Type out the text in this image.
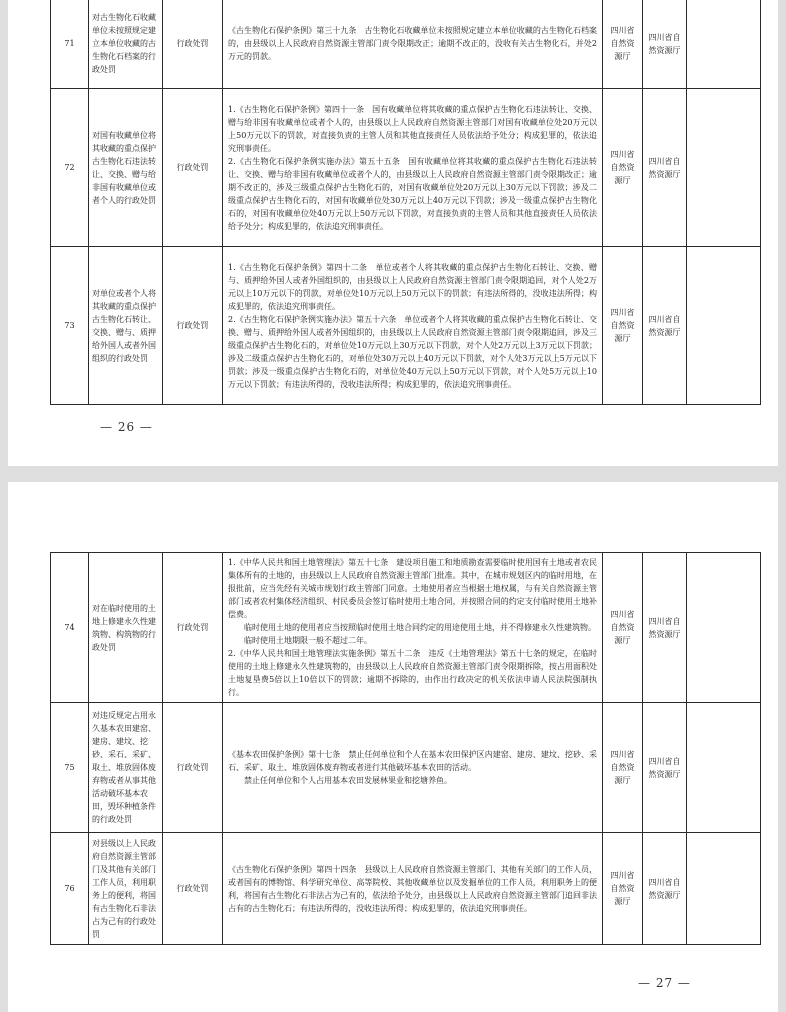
71	对古生物化石收藏单位未按照规定建立本单位收藏的古生物化石档案的行政处罚	行政处罚	《古生物化石保护条例》第三十九条　古生物化石收藏单位未按照规定建立本单位收藏的古生物化石档案的，由县级以上人民政府自然资源主管部门责令限期改正；逾期不改正的，没收有关古生物化石，并处2万元的罚款。	四川省自然资源厅	四川省自然资源厅	
72	对国有收藏单位将其收藏的重点保护古生物化石违法转让、交换、赠与给非国有收藏单位或者个人的行政处罚	行政处罚	1.《古生物化石保护条例》第四十一条　国有收藏单位将其收藏的重点保护古生物化石违法转让、交换、赠与给非国有收藏单位或者个人的，由县级以上人民政府自然资源主管部门对国有收藏单位处20万元以上50万元以下的罚款，对直接负责的主管人员和其他直接责任人员依法给予处分；构成犯罪的，依法追究刑事责任。
2.《古生物化石保护条例实施办法》第五十五条　国有收藏单位将其收藏的重点保护古生物化石违法转让、交换、赠与给非国有收藏单位或者个人的，由县级以上人民政府自然资源主管部门责令限期改正；逾期不改正的，涉及三级重点保护古生物化石的，对国有收藏单位处20万元以上30万元以下罚款；涉及二级重点保护古生物化石的，对国有收藏单位处30万元以上40万元以下罚款；涉及一级重点保护古生物化石的，对国有收藏单位处40万元以上50万元以下罚款，对直接负责的主管人员和其他直接责任人员依法给予处分；构成犯罪的，依法追究刑事责任。	四川省自然资源厅	四川省自然资源厅	
73	对单位或者个人将其收藏的重点保护古生物化石转让、交换、赠与、质押给外国人或者外国组织的行政处罚	行政处罚	1.《古生物化石保护条例》第四十二条　单位或者个人将其收藏的重点保护古生物化石转让、交换、赠与、质押给外国人或者外国组织的，由县级以上人民政府自然资源主管部门责令限期追回，对个人处2万元以上10万元以下的罚款，对单位处10万元以上50万元以下的罚款；有违法所得的，没收违法所得；构成犯罪的，依法追究刑事责任。
2.《古生物化石保护条例实施办法》第五十六条　单位或者个人将其收藏的重点保护古生物化石转让、交换、赠与、质押给外国人或者外国组织的，由县级以上人民政府自然资源主管部门责令限期追回，涉及三级重点保护古生物化石的，对单位处10万元以上30万元以下罚款，对个人处2万元以上3万元以下罚款；涉及二级重点保护古生物化石的，对单位处30万元以上40万元以下罚款，对个人处3万元以上5万元以下罚款；涉及一级重点保护古生物化石的，对单位处40万元以上50万元以下罚款，对个人处5万元以上10万元以下罚款；有违法所得的，没收违法所得；构成犯罪的，依法追究刑事责任。	四川省自然资源厅	四川省自然资源厅	
— 26 —
74	对在临时使用的土地上修建永久性建筑物、构筑物的行政处罚	行政处罚	1.《中华人民共和国土地管理法》第五十七条　建设项目施工和地质勘查需要临时使用国有土地或者农民集体所有的土地的，由县级以上人民政府自然资源主管部门批准。其中，在城市规划区内的临时用地，在报批前，应当先经有关城市规划行政主管部门同意。土地使用者应当根据土地权属，与有关自然资源主管部门或者农村集体经济组织、村民委员会签订临时使用土地合同，并按照合同的约定支付临时使用土地补偿费。
　　临时使用土地的使用者应当按照临时使用土地合同约定的用途使用土地，并不得修建永久性建筑物。
　　临时使用土地期限一般不超过二年。
2.《中华人民共和国土地管理法实施条例》第五十二条　违反《土地管理法》第五十七条的规定，在临时使用的土地上修建永久性建筑物的，由县级以上人民政府自然资源主管部门责令限期拆除，按占用面积处土地复垦费5倍以上10倍以下的罚款；逾期不拆除的，由作出行政决定的机关依法申请人民法院强制执行。	四川省自然资源厅	四川省自然资源厅	
75	对违反规定占用永久基本农田建窑、建房、建坟、挖砂、采石、采矿、取土、堆放固体废弃物或者从事其他活动破坏基本农田，毁坏种植条件的行政处罚	行政处罚	《基本农田保护条例》第十七条　禁止任何单位和个人在基本农田保护区内建窑、建房、建坟、挖砂、采石、采矿、取土、堆放固体废弃物或者进行其他破坏基本农田的活动。
　　禁止任何单位和个人占用基本农田发展林果业和挖塘养鱼。	四川省自然资源厅	四川省自然资源厅	
76	对县级以上人民政府自然资源主管部门及其他有关部门工作人员，利用职务上的便利，将国有古生物化石非法占为己有的行政处罚	行政处罚	《古生物化石保护条例》第四十四条　县级以上人民政府自然资源主管部门、其他有关部门的工作人员，或者国有的博物馆、科学研究单位、高等院校、其他收藏单位以及发掘单位的工作人员，利用职务上的便利，将国有古生物化石非法占为己有的，依法给予处分，由县级以上人民政府自然资源主管部门追回非法占有的古生物化石；有违法所得的，没收违法所得；构成犯罪的，依法追究刑事责任。	四川省自然资源厅	四川省自然资源厅	
— 27 —
